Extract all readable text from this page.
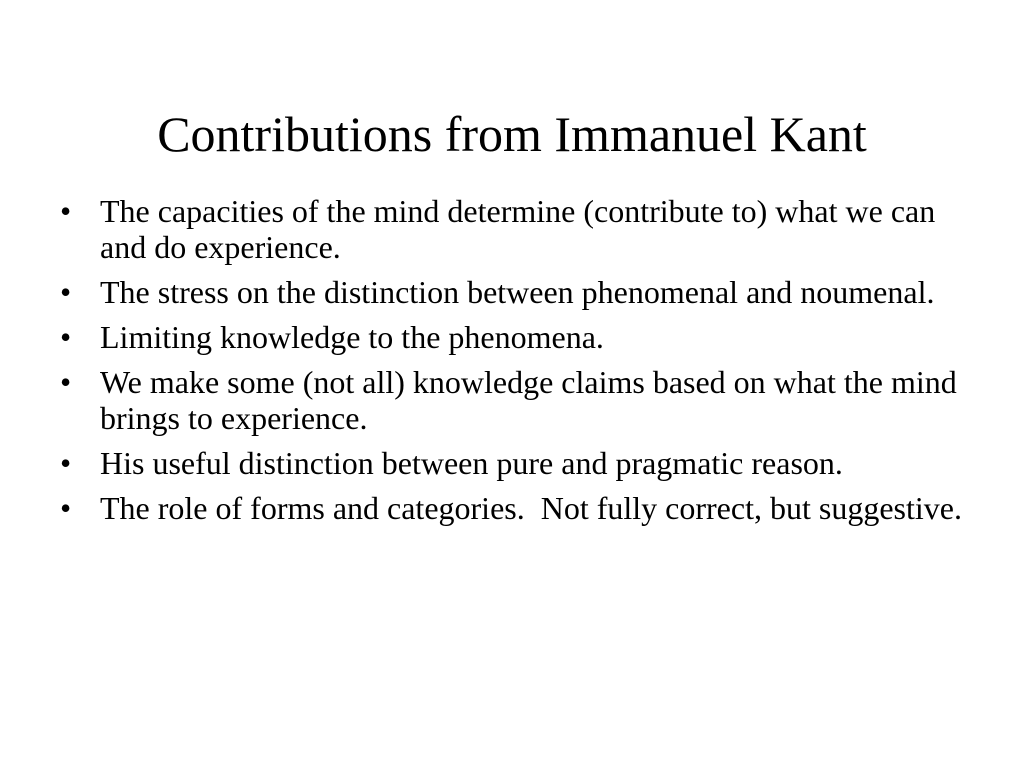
Contributions from Immanuel Kant
• The capacities of the mind determine (contribute to) what we can and do experience.
• The stress on the distinction between phenomenal and noumenal.
• Limiting knowledge to the phenomena.
• We make some (not all) knowledge claims based on what the mind brings to experience.
• His useful distinction between pure and pragmatic reason.
• The role of forms and categories.  Not fully correct, but suggestive.
